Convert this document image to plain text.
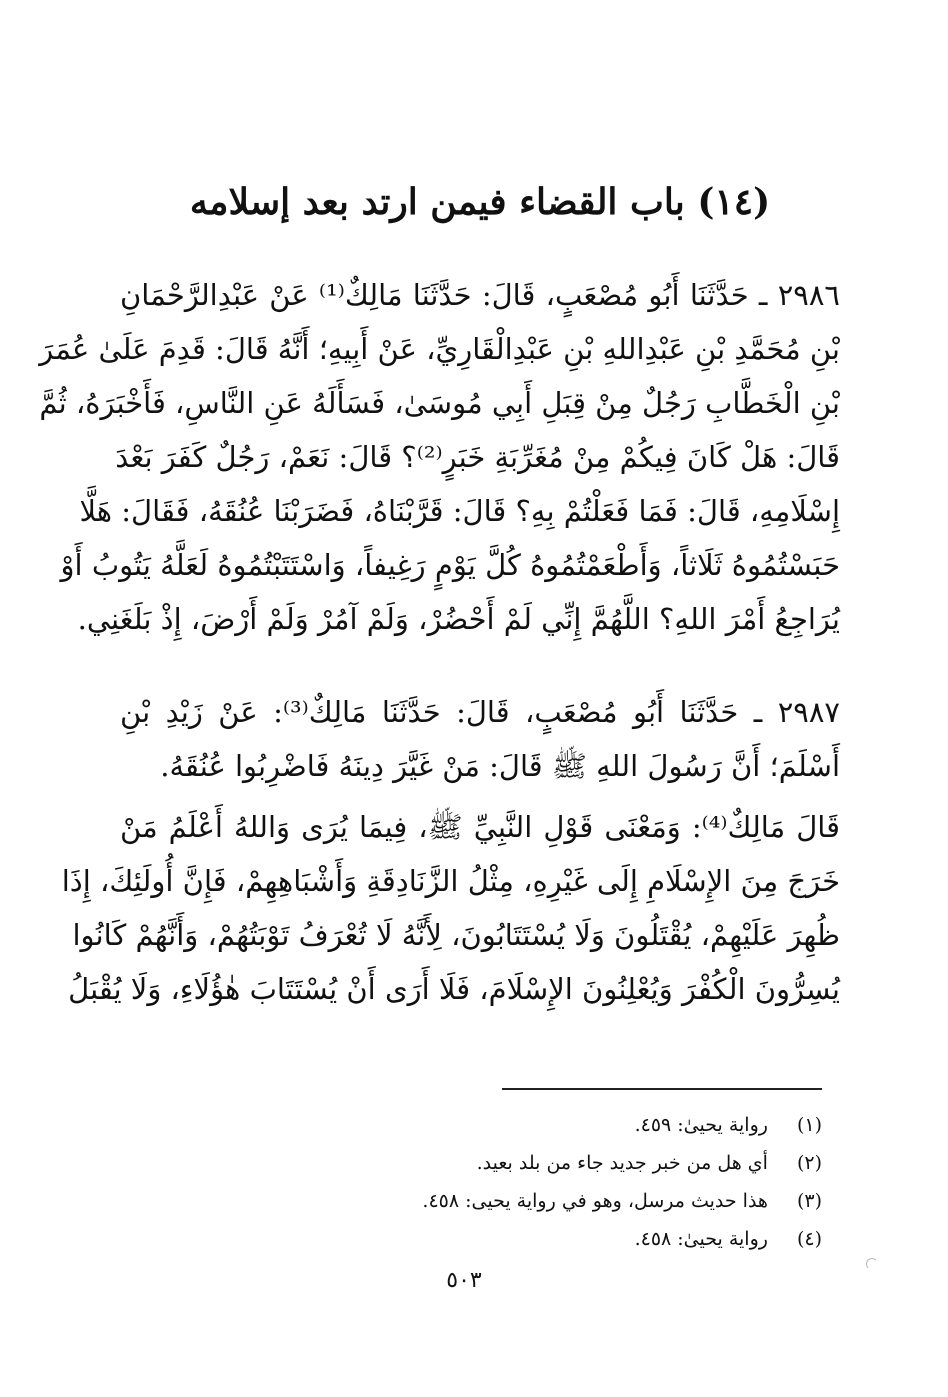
(١٤) باب القضاء فيمن ارتد بعد إسلامه
٢٩٨٦ ـ حَدَّثَنَا أَبُو مُصْعَبٍ، قَالَ: حَدَّثَنَا مَالِكٌ⁽¹⁾ عَنْ عَبْدِالرَّحْمَانِ
بْنِ مُحَمَّدِ بْنِ عَبْدِاللهِ بْنِ عَبْدِالْقَارِيِّ، عَنْ أَبِيهِ؛ أَنَّهُ قَالَ: قَدِمَ عَلَىٰ عُمَرَ
بْنِ الْخَطَّابِ رَجُلٌ مِنْ قِبَلِ أَبِي مُوسَىٰ، فَسَأَلَهُ عَنِ النَّاسِ، فَأَخْبَرَهُ، ثُمَّ
قَالَ: هَلْ كَانَ فِيكُمْ مِنْ مُغَرِّبَةِ خَبَرٍ⁽²⁾؟ قَالَ: نَعَمْ، رَجُلٌ كَفَرَ بَعْدَ
إِسْلَامِهِ، قَالَ: فَمَا فَعَلْتُمْ بِهِ؟ قَالَ: قَرَّبْنَاهُ، فَضَرَبْنَا عُنُقَهُ، فَقَالَ: هَلَّا
حَبَسْتُمُوهُ ثَلَاثاً، وَأَطْعَمْتُمُوهُ كُلَّ يَوْمٍ رَغِيفاً، وَاسْتَتَبْتُمُوهُ لَعَلَّهُ يَتُوبُ أَوْ
يُرَاجِعُ أَمْرَ اللهِ؟ اللَّهُمَّ إِنِّي لَمْ أَحْضُرْ، وَلَمْ آمُرْ وَلَمْ أَرْضَ، إِذْ بَلَغَنِي.
٢٩٨٧ ـ حَدَّثَنَا أَبُو مُصْعَبٍ، قَالَ: حَدَّثَنَا مَالِكٌ⁽³⁾: عَنْ زَيْدِ بْنِ
أَسْلَمَ؛ أَنَّ رَسُولَ اللهِ ﷺ قَالَ: مَنْ غَيَّرَ دِينَهُ فَاضْرِبُوا عُنُقَهُ.
قَالَ مَالِكٌ⁽⁴⁾: وَمَعْنَى قَوْلِ النَّبِيِّ ﷺ، فِيمَا يُرَى وَاللهُ أَعْلَمُ مَنْ
خَرَجَ مِنَ الإِسْلَامِ إِلَى غَيْرِهِ، مِثْلُ الزَّنَادِقَةِ وَأَشْبَاهِهِمْ، فَإِنَّ أُولَئِكَ، إِذَا
ظُهِرَ عَلَيْهِمْ، يُقْتَلُونَ وَلَا يُسْتَتَابُونَ، لِأَنَّهُ لَا تُعْرَفُ تَوْبَتُهُمْ، وَأَنَّهُمْ كَانُوا
يُسِرُّونَ الْكُفْرَ وَيُعْلِنُونَ الإِسْلَامَ، فَلَا أَرَى أَنْ يُسْتَتَابَ هٰؤُلَاءِ، وَلَا يُقْبَلُ
(١) رواية يحيىٰ: ٤٥٩.
(٢) أي هل من خبر جديد جاء من بلد بعيد.
(٣) هذا حديث مرسل، وهو في رواية يحيى: ٤٥٨.
(٤) رواية يحيىٰ: ٤٥٨.
٥٠٣
